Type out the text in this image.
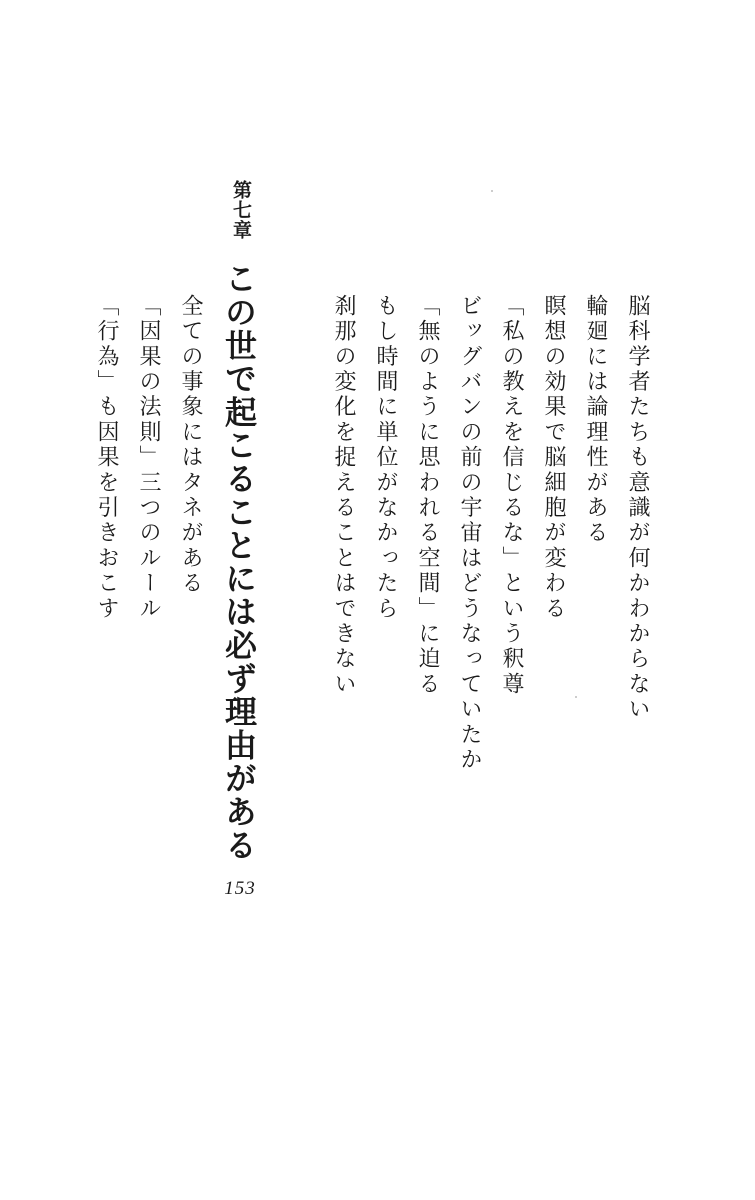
脳科学者たちも意識が何かわからない
輪廻には論理性がある
瞑想の効果で脳細胞が変わる
「私の教えを信じるな」という釈尊
ビッグバンの前の宇宙はどうなっていたか
「無のように思われる空間」に迫る
もし時間に単位がなかったら
刹那の変化を捉えることはできない
第七章
この世で起こることには必ず理由がある
全ての事象にはタネがある
「因果の法則」三つのルール
「行為」も因果を引きおこす
153
